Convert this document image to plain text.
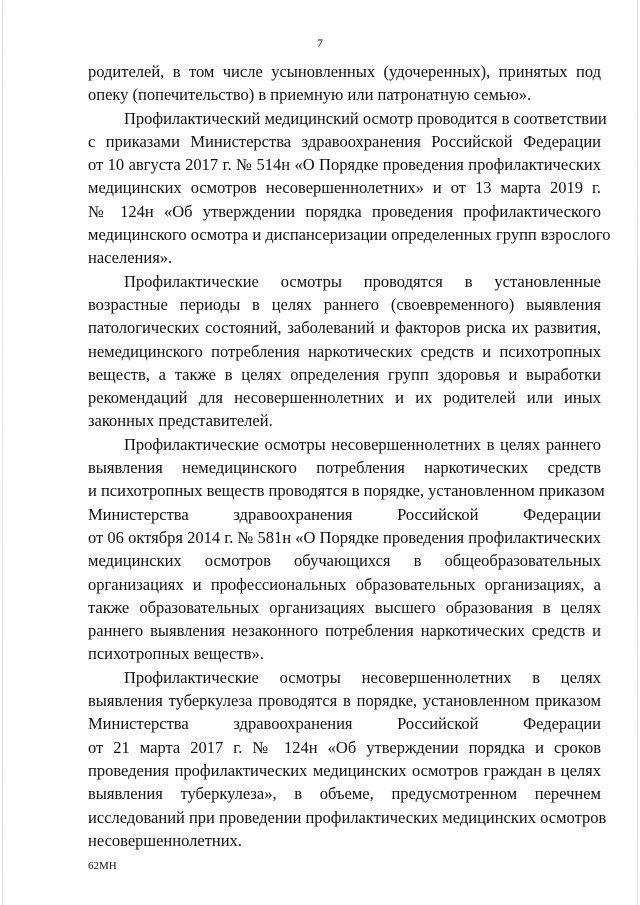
7
родителей, в том числе усыновленных (удочеренных), принятых под
опеку (попечительство) в приемную или патронатную семью».
Профилактический медицинский осмотр проводится в соответствии
с приказами Министерства здравоохранения Российской Федерации
от 10 августа 2017 г. № 514н «О Порядке проведения профилактических
медицинских осмотров несовершеннолетних» и от 13 марта 2019 г.
№ 124н «Об утверждении порядка проведения профилактического
медицинского осмотра и диспансеризации определенных групп взрослого
населения».
Профилактические осмотры проводятся в установленные
возрастные периоды в целях раннего (своевременного) выявления
патологических состояний, заболеваний и факторов риска их развития,
немедицинского потребления наркотических средств и психотропных
веществ, а также в целях определения групп здоровья и выработки
рекомендаций для несовершеннолетних и их родителей или иных
законных представителей.
Профилактические осмотры несовершеннолетних в целях раннего
выявления немедицинского потребления наркотических средств
и психотропных веществ проводятся в порядке, установленном приказом
Министерства здравоохранения Российской Федерации
от 06 октября 2014 г. № 581н «О Порядке проведения профилактических
медицинских осмотров обучающихся в общеобразовательных
организациях и профессиональных образовательных организациях, а
также образовательных организациях высшего образования в целях
раннего выявления незаконного потребления наркотических средств и
психотропных веществ».
Профилактические осмотры несовершеннолетних в целях
выявления туберкулеза проводятся в порядке, установленном приказом
Министерства здравоохранения Российской Федерации
от 21 марта 2017 г. № 124н «Об утверждении порядка и сроков
проведения профилактических медицинских осмотров граждан в целях
выявления туберкулеза», в объеме, предусмотренном перечнем
исследований при проведении профилактических медицинских осмотров
несовершеннолетних.
62МН
